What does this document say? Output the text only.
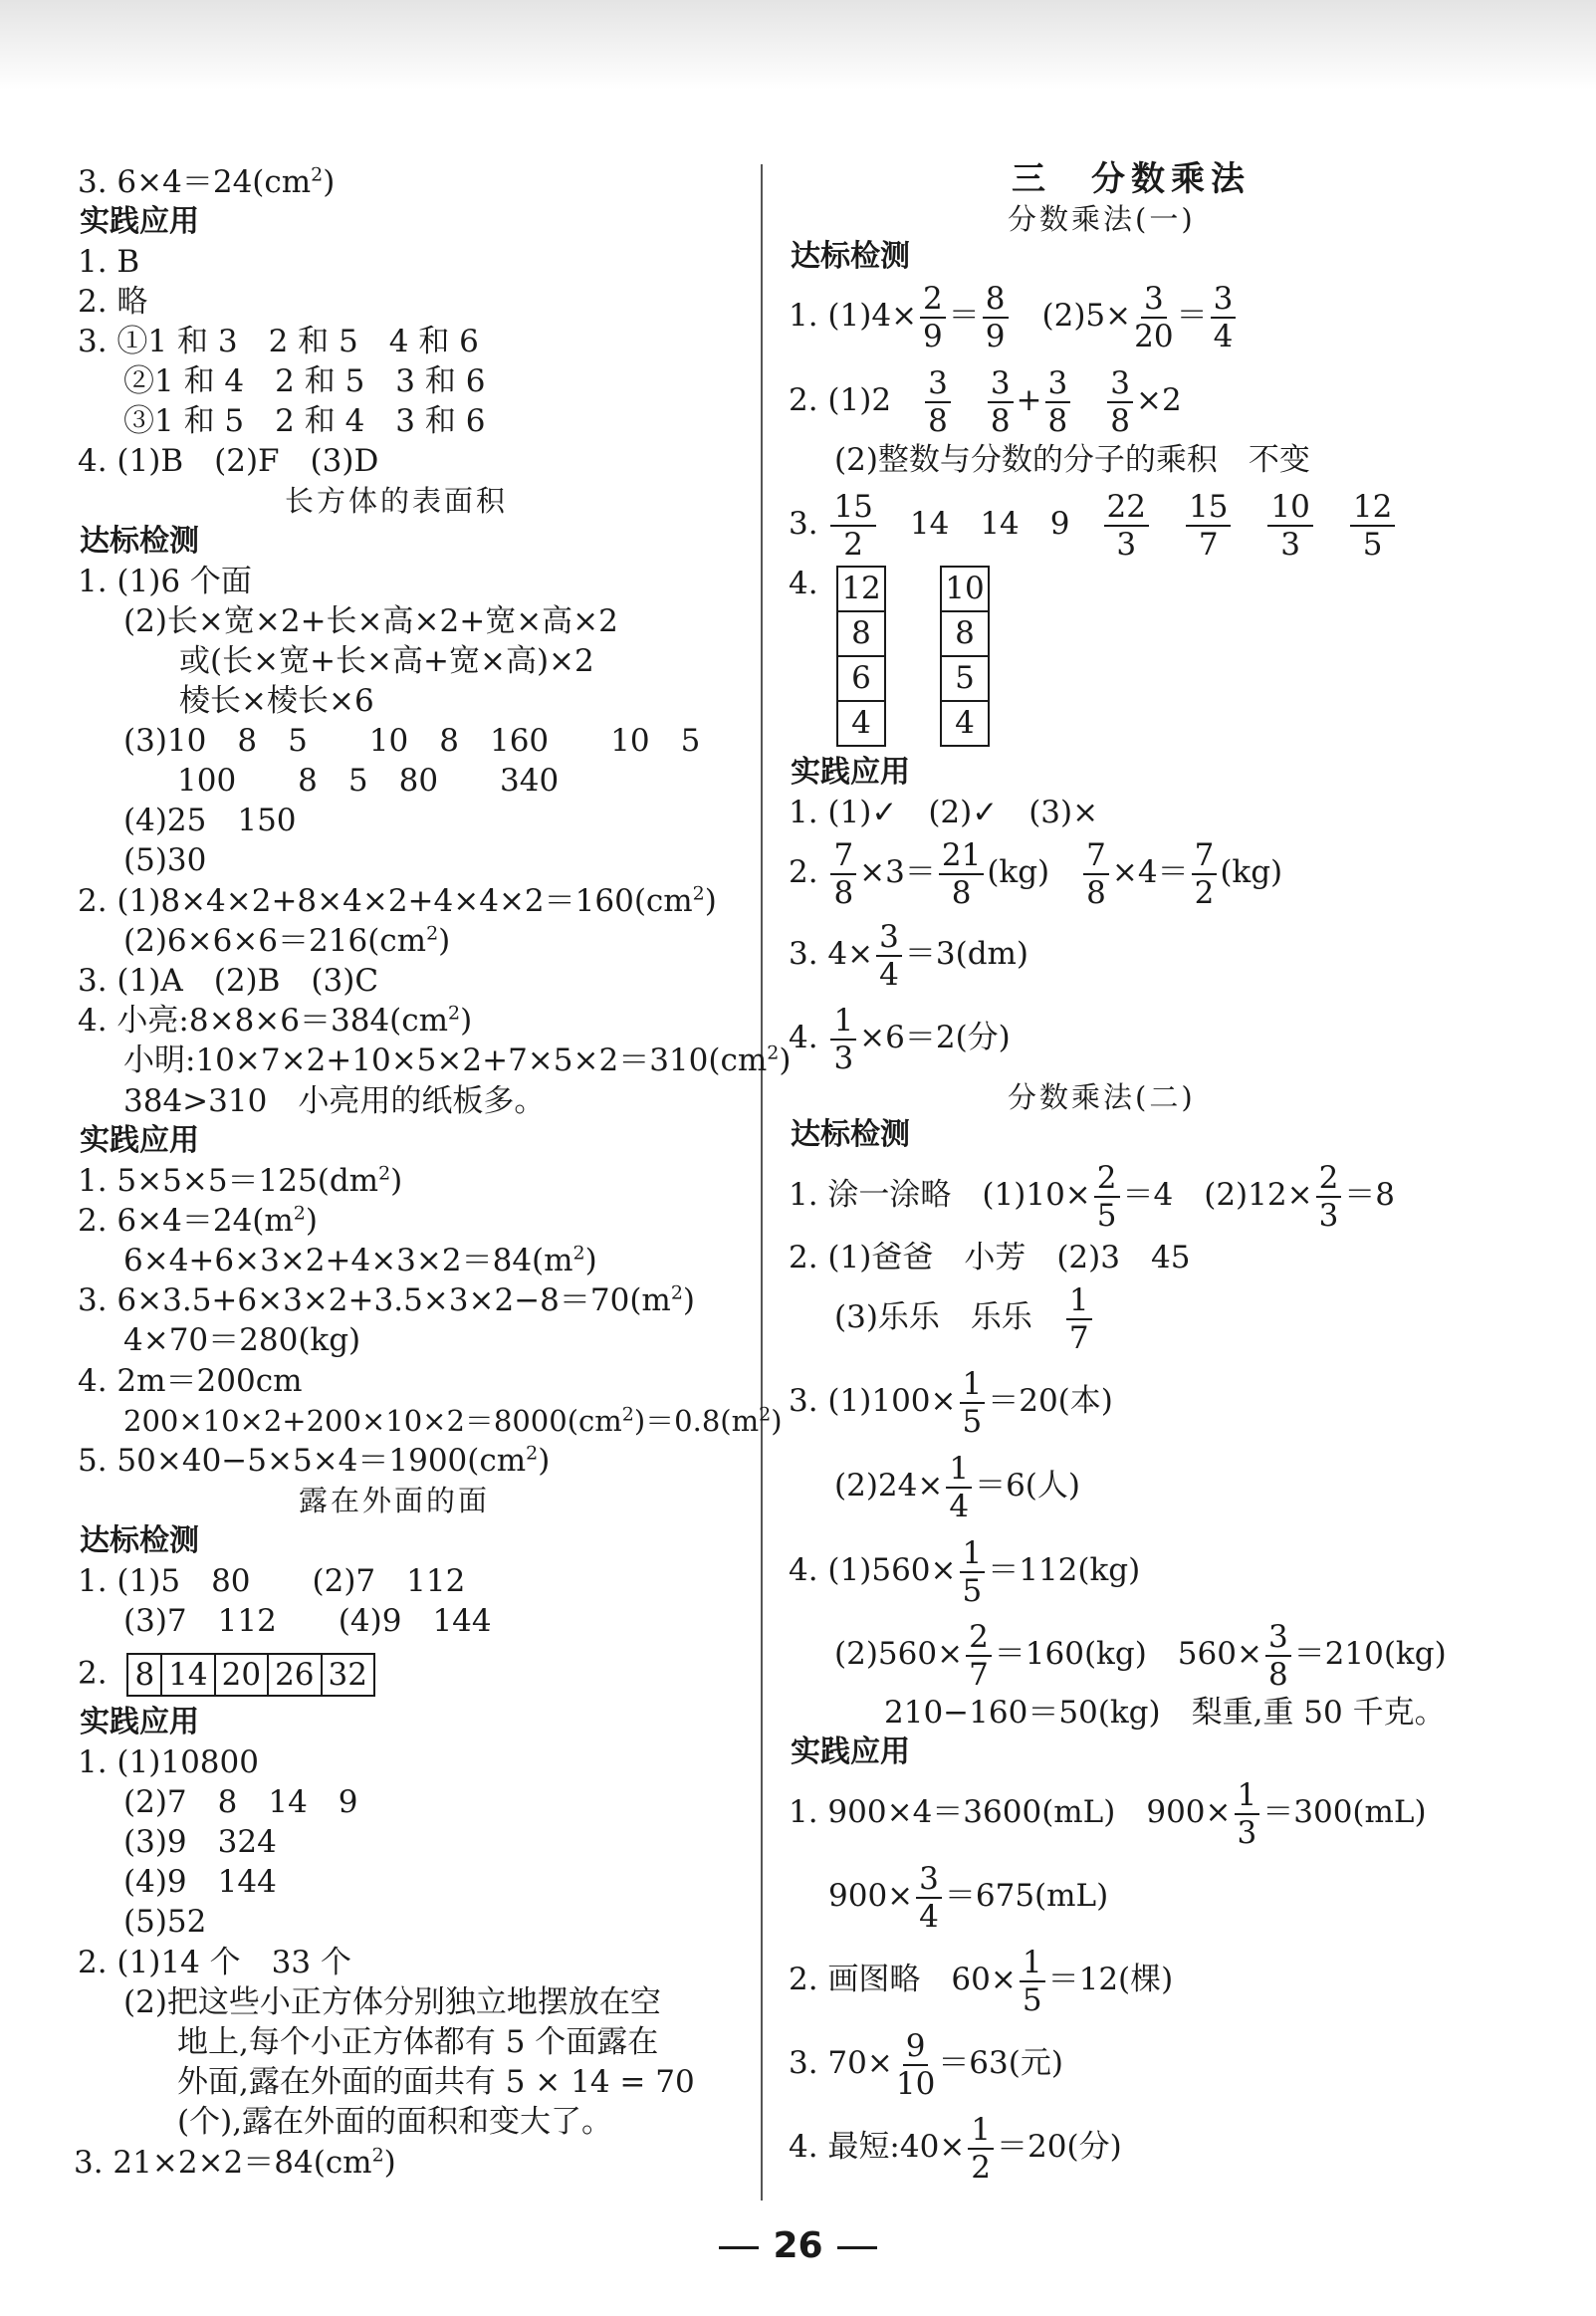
3. $6\times 4=24(cm^2)$
实践应用
1. B
2. 略
3. ①1 和 3　2 和 5　4 和 6
②1 和 4　2 和 5　3 和 6
③1 和 5　2 和 4　3 和 6
4. (1)B　(2)F　(3)D
长方体的表面积
达标检测
1. (1)6 个面
(2)长×宽×2+长×高×2+宽×高×2
或(长×宽+长×高+宽×高)×2
棱长×棱长×6
(3)10　8　5　　10　8　160　　10　5
100　　8　5　80　　340
(4)25　150
(5)30
2. $(1)8\times 4\times 2+8\times 4\times 2+4\times 4\times 2=160(cm^2)$
$(2)6\times 6\times 6=216(cm^2)$
3. (1)A　(2)B　(3)C
4. 小亮$:8\times 8\times 6=384(cm^2)$
小明$:10\times 7\times 2+10\times 5\times 2+7\times 5\times 2=310(cm^2)$
384>310　小亮用的纸板多。
实践应用
1. $5\times 5\times 5=125(dm^2)$
2. $6\times 4=24(m^2)$
$6\times 4+6\times 3\times 2+4\times 3\times 2=84(m^2)$
3. $6\times 3.5+6\times 3\times 2+3.5\times 3\times 2-8=70(m^2)$
4×70＝280(kg)
4. 2m＝200cm
$200\times 10\times 2+200\times 10\times 2=8000(cm^2)=0.8(m^2)$
5. $50\times 40-5\times 5\times 4=1900(cm^2)$
露在外面的面
达标检测
1. (1)5　80　　(2)7　112
(3)7　112　　(4)9　144
2. 8 14 20 26 32
实践应用
1. (1)10800
(2)7　8　14　9
(3)9　324
(4)9　144
(5)52
2. (1)14 个　33 个
(2)把这些小正方体分别独立地摆放在空
地上,每个小正方体都有 5 个面露在
外面,露在外面的面共有 5 × 14 = 70
(个),露在外面的面积和变大了。
3. $21\times 2\times 2=84(cm^2)$
三　分数乘法
分数乘法(一)
达标检测
1. $(1)4\times \frac{2}{9} = \frac{8}{9}$ 　$(2)5\times \frac{3}{20} = \frac{3}{4}$
2. (1)2　 $\frac{3}{8}$
　 $\frac{3}{8} + \frac{3}{8}$
　 $\frac{3}{8} \times 2$
(2)整数与分数的分子的乘积　不变
3. $\frac{15}{2}$ 　14　14　9　 $\frac{22}{3}$
　 $\frac{15}{7}$
　 $\frac{10}{3}$
　 $\frac{12}{5}$
4. 12
8
6
4
10
8
5
4
实践应用
1. (1)✓　(2)✓　(3)×
2. $\frac{7}{8} \times 3= \frac{21}{8} (kg)$　 $\frac{7}{8} \times 4= \frac{7}{2} (kg)$
3. $4\times \frac{3}{4} =3(dm)$
4. $\frac{1}{3} \times 6=2$(分)
分数乘法(二)
达标检测
1. 涂一涂略　$(1)10\times \frac{2}{5} =4$　$(2)12\times \frac{2}{3} =8$
2. (1)爸爸　小芳　(2)3　45
(3)乐乐　乐乐　 $\frac{1}{7}$
3. $(1)100\times \frac{1}{5} =20$(本)
$(2)24\times \frac{1}{4} =6$(人)
4. $(1)560\times \frac{1}{5} =112(kg)$
$(2)560\times \frac{2}{7} =160(kg)$　$560\times \frac{3}{8} =210(kg)$
210−160＝50(kg)　梨重,重 50 千克。
实践应用
1. 900×4＝3600(mL)　$900\times \frac{1}{3} =300(mL)$
$900\times \frac{3}{4} =675(mL)$
2. 画图略　$60\times \frac{1}{5} =12$(棵)
3. $70\times \frac{9}{10} =63$(元)
4. 最短:40× $\frac{1}{2} =20$(分)
26
